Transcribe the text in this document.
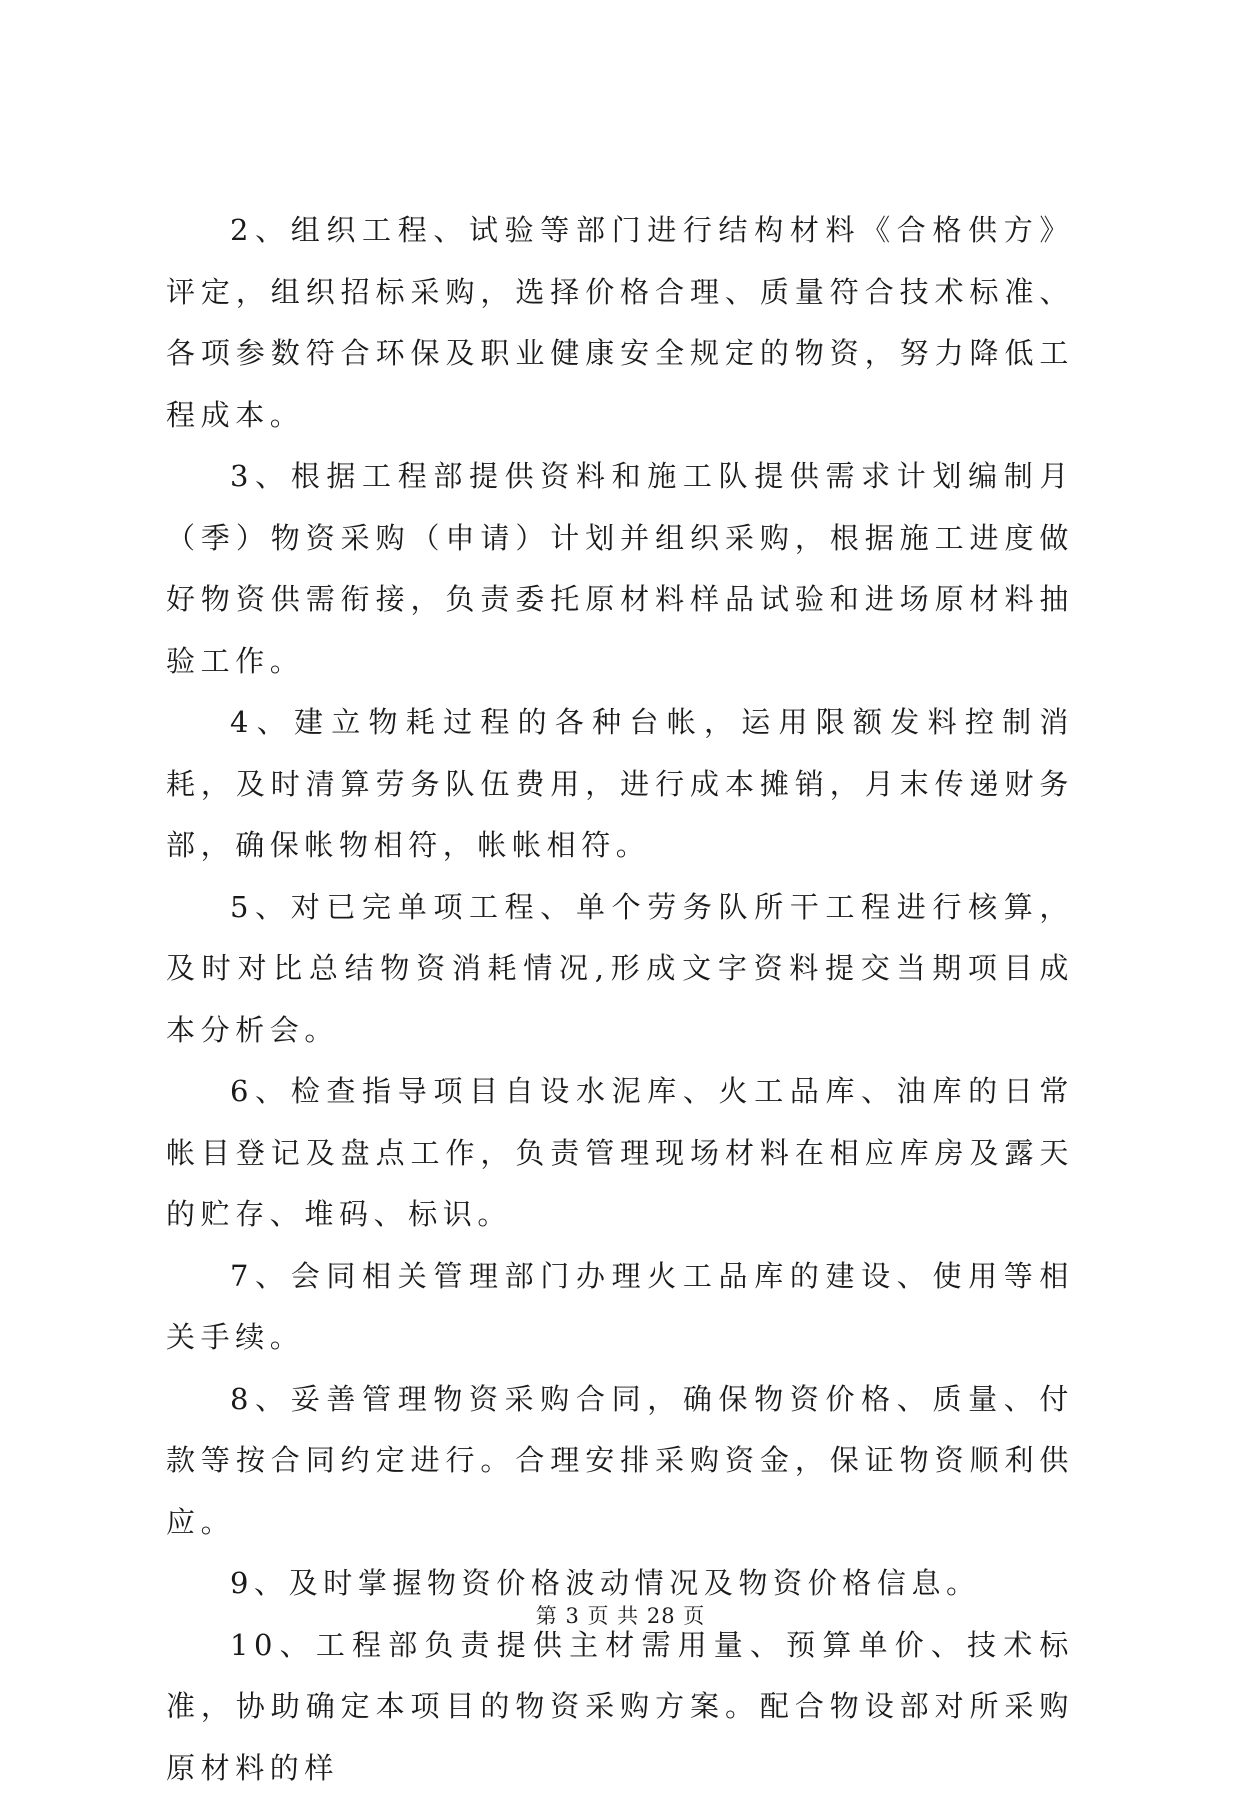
2、组织工程、试验等部门进行结构材料《合格供方》评定，组织招标采购，选择价格合理、质量符合技术标准、各项参数符合环保及职业健康安全规定的物资，努力降低工程成本。

3、根据工程部提供资料和施工队提供需求计划编制月（季）物资采购（申请）计划并组织采购，根据施工进度做好物资供需衔接，负责委托原材料样品试验和进场原材料抽验工作。

4、建立物耗过程的各种台帐，运用限额发料控制消耗，及时清算劳务队伍费用，进行成本摊销，月末传递财务部，确保帐物相符，帐帐相符。

5、对已完单项工程、单个劳务队所干工程进行核算，及时对比总结物资消耗情况,形成文字资料提交当期项目成本分析会。

6、检查指导项目自设水泥库、火工品库、油库的日常帐目登记及盘点工作，负责管理现场材料在相应库房及露天的贮存、堆码、标识。

7、会同相关管理部门办理火工品库的建设、使用等相关手续。

8、妥善管理物资采购合同，确保物资价格、质量、付款等按合同约定进行。合理安排采购资金，保证物资顺利供应。

9、及时掌握物资价格波动情况及物资价格信息。

10、工程部负责提供主材需用量、预算单价、技术标准，协助确定本项目的物资采购方案。配合物设部对所采购原材料的样

第 3 页 共 28 页
